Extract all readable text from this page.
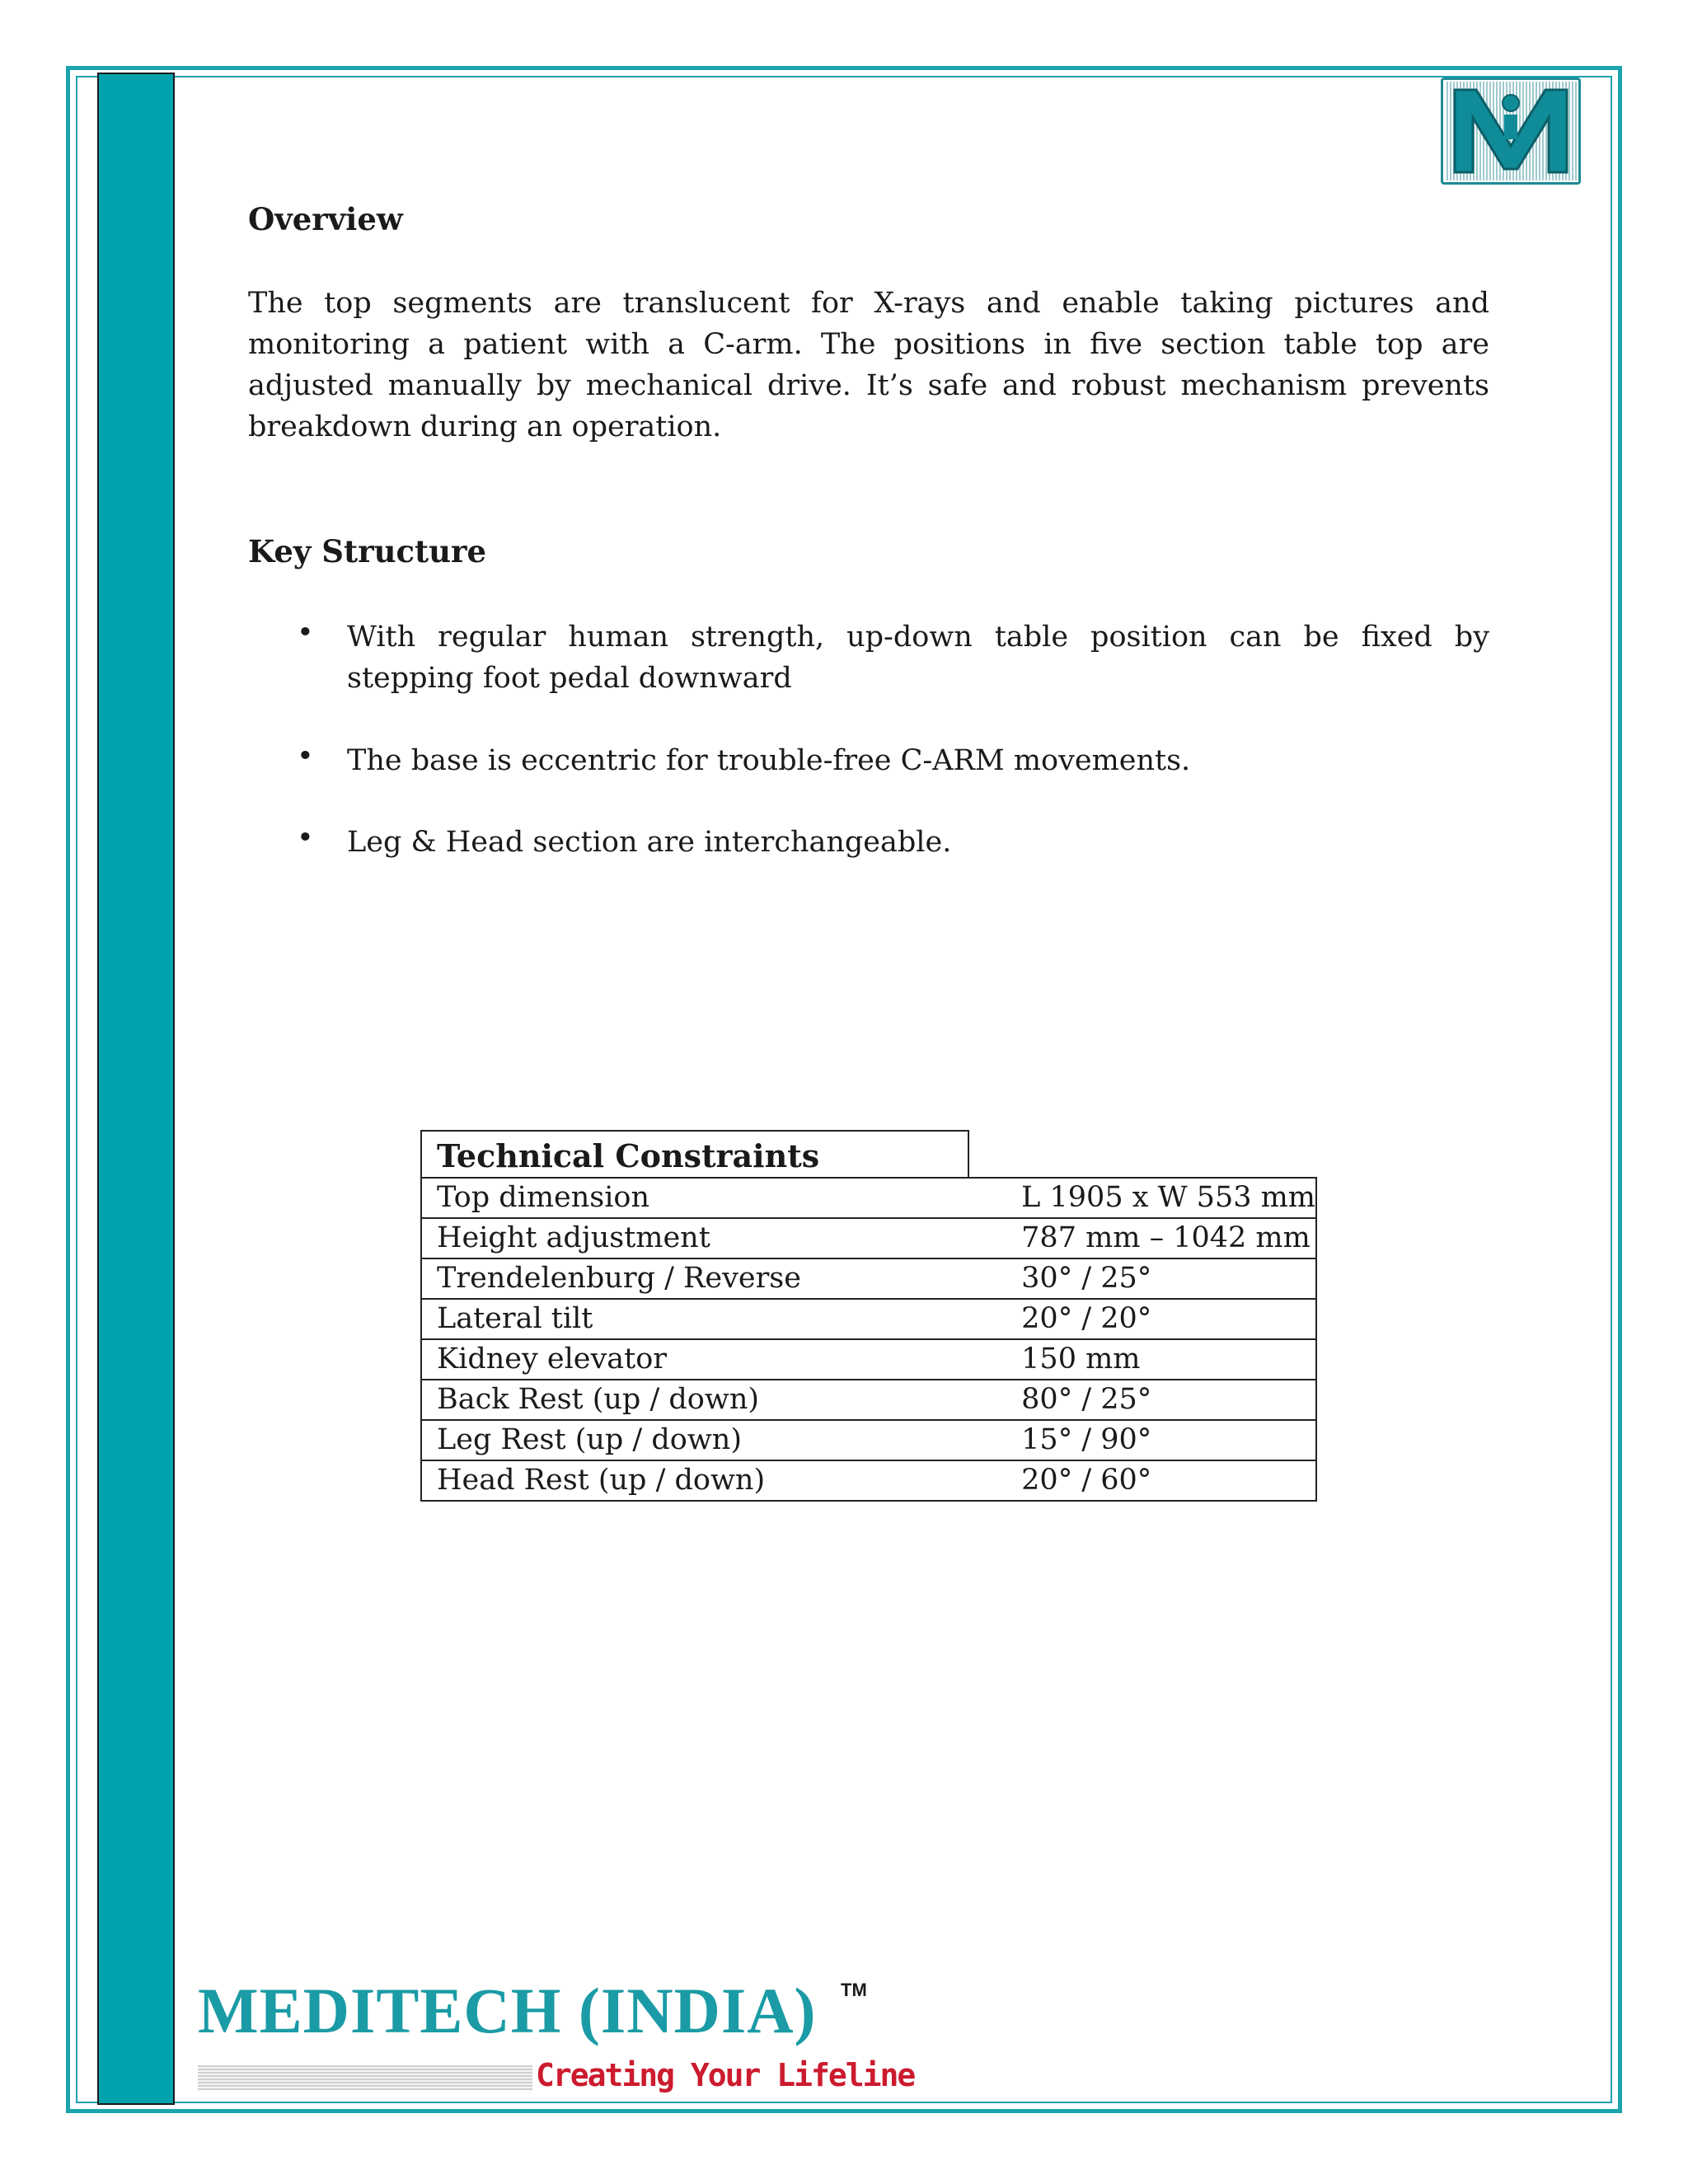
Overview
The top segments are translucent for X-rays and enable taking pictures and monitoring a patient with a C-arm. The positions in five section table top are adjusted manually by mechanical drive. It’s safe and robust mechanism prevents breakdown during an operation.
Key Structure
• With regular human strength, up-down table position can be fixed by stepping foot pedal downward
• The base is eccentric for trouble-free C-ARM movements.
• Leg & Head section are interchangeable.
Technical Constraints
Top dimension	L 1905 x W 553 mm
Height adjustment	787 mm – 1042 mm
Trendelenburg / Reverse	30° / 25°
Lateral tilt	20° / 20°
Kidney elevator	150 mm
Back Rest (up / down)	80° / 25°
Leg Rest (up / down)	15° / 90°
Head Rest (up / down)	20° / 60°
MEDITECH (INDIA) TM
Creating Your Lifeline
